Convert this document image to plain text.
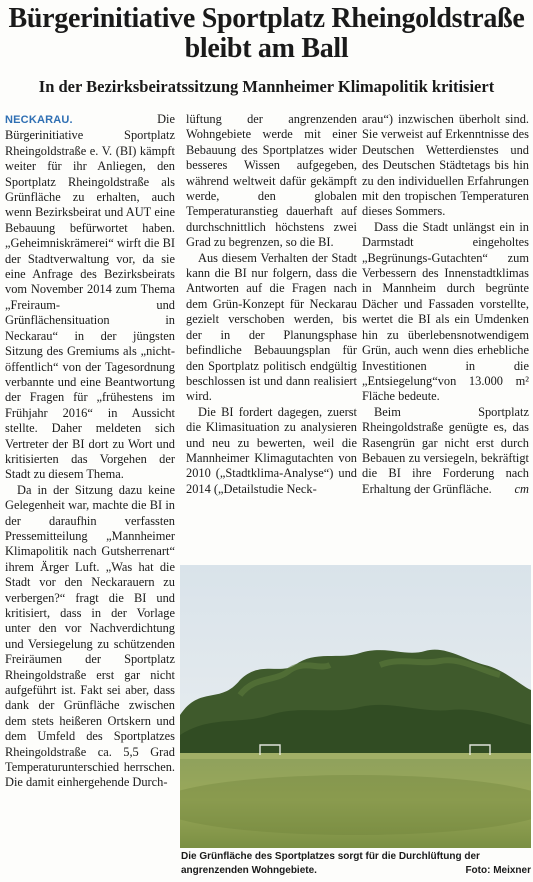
Bürgerinitiative Sportplatz Rheingoldstraße bleibt am Ball
In der Bezirksbeiratssitzung Mannheimer Klimapolitik kritisiert

NECKARAU.	Die Bürgerinitiative Sportplatz Rheingoldstraße e. V. (BI) kämpft weiter für ihr Anliegen, den Sportplatz Rheingoldstraße als Grünfläche zu erhalten, auch wenn Bezirksbeirat und AUT eine Bebauung befürwortet haben. „Geheimniskrämerei“ wirft die BI der Stadtverwaltung vor, da sie eine Anfrage des Bezirksbeirats vom November 2014 zum Thema „Freiraum- und Grünflächensituation in Neckarau“ in der jüngsten Sitzung des Gremiums als „nicht-öffentlich“ von der Tagesordnung verbannte und eine Beantwortung der Fragen für „frühestens im Frühjahr 2016“ in Aussicht stellte. Daher meldeten sich Vertreter der BI dort zu Wort und kritisierten das Vorgehen der Stadt zu diesem Thema.

Da in der Sitzung dazu keine Gelegenheit war, machte die BI in der daraufhin verfassten Pressemitteilung „Mannheimer Klimapolitik nach Gutsherrenart“ ihrem Ärger Luft. „Was hat die Stadt vor den Neckarauern zu verbergen?“ fragt die BI und kritisiert, dass in der Vorlage unter den vor Nachverdichtung und Versiegelung zu schützenden Freiräumen der Sportplatz Rheingoldstraße erst gar nicht aufgeführt ist. Fakt sei aber, dass dank der Grünfläche zwischen dem stets heißeren Ortskern und dem Umfeld des Sportplatzes Rheingoldstraße ca. 5,5 Grad Temperaturunterschied herrschen. Die damit einhergehende Durch-

lüftung der angrenzenden Wohngebiete werde mit einer Bebauung des Sportplatzes wider besseres Wissen aufgegeben, während weltweit dafür gekämpft werde, den globalen Temperaturanstieg dauerhaft auf durchschnittlich höchstens zwei Grad zu begrenzen, so die BI.

Aus diesem Verhalten der Stadt kann die BI nur folgern, dass die Antworten auf die Fragen nach dem Grün-Konzept für Neckarau gezielt verschoben werden, bis der in der Planungsphase befindliche Bebauungsplan für den Sportplatz politisch endgültig beschlossen ist und dann realisiert wird.

Die BI fordert dagegen, zuerst die Klimasituation zu analysieren und neu zu bewerten, weil die Mannheimer Klimagutachten von 2010 („Stadtklima-Analyse“) und 2014 („Detailstudie Neck-

arau“) inzwischen überholt sind. Sie verweist auf Erkenntnisse des Deutschen Wetterdienstes und des Deutschen Städtetags bis hin zu den individuellen Erfahrungen mit den tropischen Temperaturen dieses Sommers.

Dass die Stadt unlängst ein in Darmstadt eingeholtes „Begrünungs-Gutachten“ zum Verbessern des Innenstadtklimas in Mannheim durch begrünte Dächer und Fassaden vorstellte, wertet die BI als ein Umdenken hin zu überlebensnotwendigem Grün, auch wenn dies erhebliche Investitionen in die „Entsiegelung“von 13.000 m² Fläche bedeute.

Beim Sportplatz Rheingoldstraße genügte es, das Rasengrün gar nicht erst durch Bebauen zu versiegeln, bekräftigt die BI ihre Forderung nach Erhaltung der Grünfläche.	cm

Die Grünfläche des Sportplatzes sorgt für die Durchlüftung der angrenzenden Wohngebiete.	Foto: Meixner
